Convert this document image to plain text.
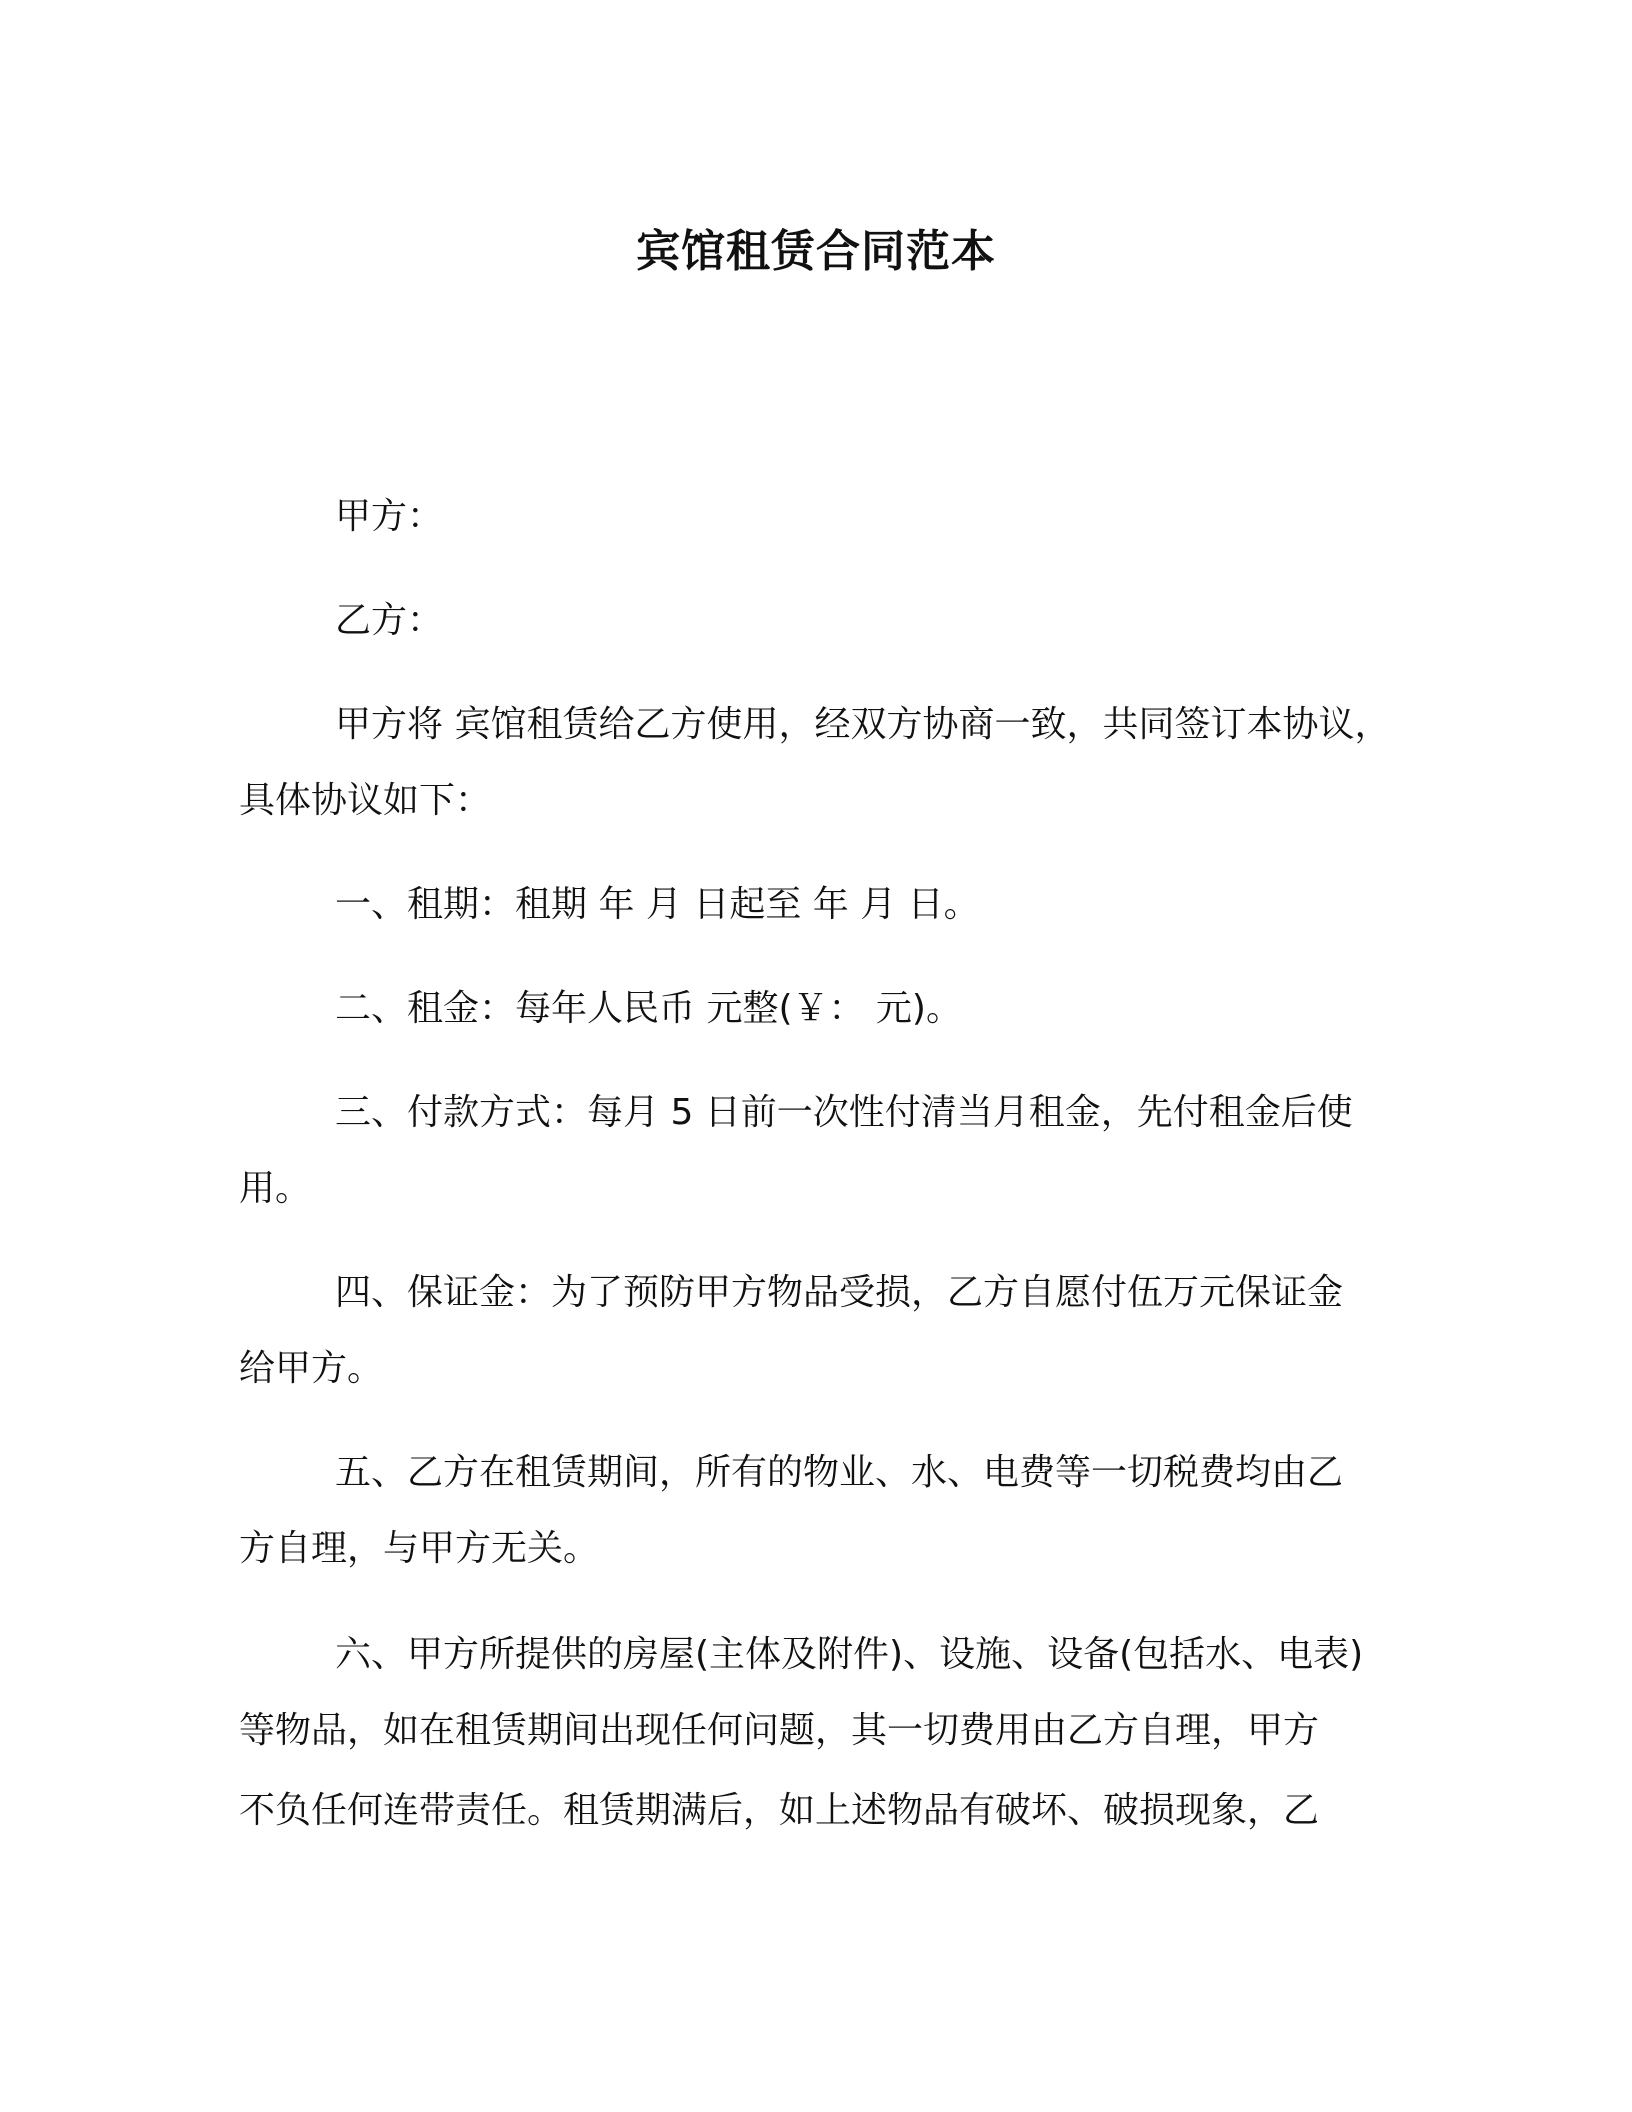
宾馆租赁合同范本
甲方：
乙方：
甲方将 宾馆租赁给乙方使用，经双方协商一致，共同签订本协议，
具体协议如下：
一、租期：租期 年 月 日起至 年 月 日。
二、租金：每年人民币 元整(￥： 元)。
三、付款方式：每月 5 日前一次性付清当月租金，先付租金后使
用。
四、保证金：为了预防甲方物品受损，乙方自愿付伍万元保证金
给甲方。
五、乙方在租赁期间，所有的物业、水、电费等一切税费均由乙
方自理，与甲方无关。
六、甲方所提供的房屋(主体及附件)、设施、设备(包括水、电表)
等物品，如在租赁期间出现任何问题，其一切费用由乙方自理，甲方
不负任何连带责任。租赁期满后，如上述物品有破坏、破损现象，乙
